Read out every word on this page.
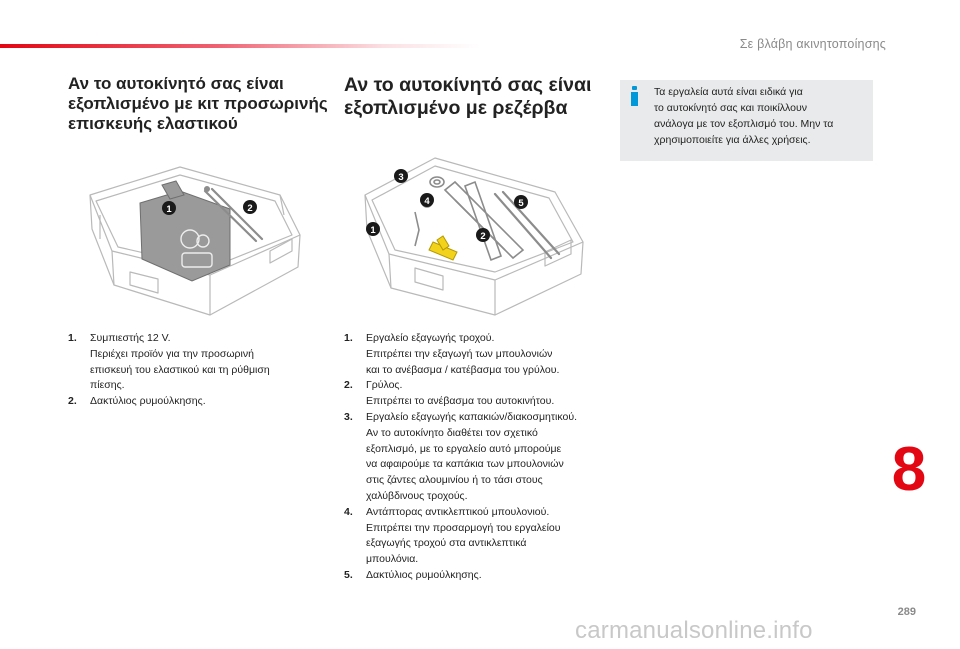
Σε βλάβη ακινητοποίησης
Αν το αυτοκίνητό σας είναι
εξοπλισμένο με κιτ προσωρινής
επισκευής ελαστικού
1	2
1. Συμπιεστής 12 V.
Περιέχει προϊόν για την προσωρινή
επισκευή του ελαστικού και τη ρύθμιση
πίεσης.
2. Δακτύλιος ρυμούλκησης.
Αν το αυτοκίνητό σας είναι
εξοπλισμένο με ρεζέρβα
1
2
3
4	5
1. Εργαλείο εξαγωγής τροχού.
Επιτρέπει την εξαγωγή των μπουλονιών
και το ανέβασμα / κατέβασμα του γρύλου.
2. Γρύλος.
Επιτρέπει το ανέβασμα του αυτοκινήτου.
3. Εργαλείο εξαγωγής καπακιών/διακοσμητικού.
Αν το αυτοκίνητο διαθέτει τον σχετικό
εξοπλισμό, με το εργαλείο αυτό μπορούμε
να αφαιρούμε τα καπάκια των μπουλονιών
στις ζάντες αλουμινίου ή το τάσι στους
χαλύβδινους τροχούς.
4. Αντάπτορας αντικλεπτικού μπουλονιού.
Επιτρέπει την προσαρμογή του εργαλείου
εξαγωγής τροχού στα αντικλεπτικά
μπουλόνια.
5. Δακτύλιος ρυμούλκησης.
Τα εργαλεία αυτά είναι ειδικά για
το αυτοκίνητό σας και ποικίλλουν
ανάλογα με τον εξοπλισμό του. Μην τα
χρησιμοποιείτε για άλλες χρήσεις.
8
289
carmanualsonline.info
